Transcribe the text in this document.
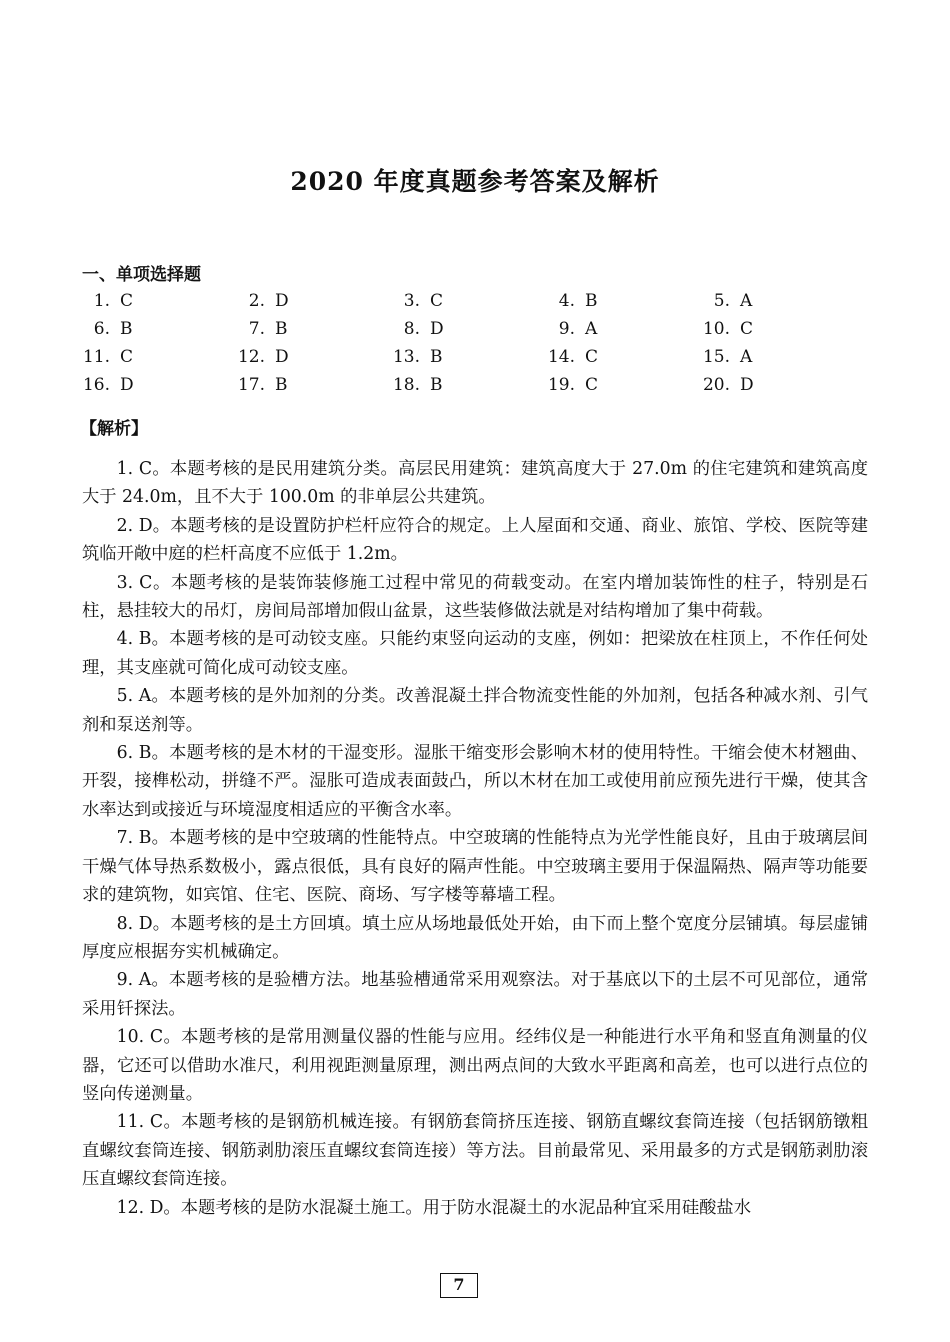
2020 年度真题参考答案及解析
一、单项选择题
1. C	2. D	3. C	4. B	5. A
6. B	7. B	8. D	9. A	10. C
11. C	12. D	13. B	14. C	15. A
16. D	17. B	18. B	19. C	20. D
【解析】

1. C。本题考核的是民用建筑分类。高层民用建筑：建筑高度大于 27.0m 的住宅建筑和建筑高度大于 24.0m，且不大于 100.0m 的非单层公共建筑。

2. D。本题考核的是设置防护栏杆应符合的规定。上人屋面和交通、商业、旅馆、学校、医院等建筑临开敞中庭的栏杆高度不应低于 1.2m。

3. C。本题考核的是装饰装修施工过程中常见的荷载变动。在室内增加装饰性的柱子，特别是石柱，悬挂较大的吊灯，房间局部增加假山盆景，这些装修做法就是对结构增加了集中荷载。

4. B。本题考核的是可动铰支座。只能约束竖向运动的支座，例如：把梁放在柱顶上，不作任何处理，其支座就可简化成可动铰支座。

5. A。本题考核的是外加剂的分类。改善混凝土拌合物流变性能的外加剂，包括各种减水剂、引气剂和泵送剂等。

6. B。本题考核的是木材的干湿变形。湿胀干缩变形会影响木材的使用特性。干缩会使木材翘曲、开裂，接榫松动，拼缝不严。湿胀可造成表面鼓凸，所以木材在加工或使用前应预先进行干燥，使其含水率达到或接近与环境湿度相适应的平衡含水率。

7. B。本题考核的是中空玻璃的性能特点。中空玻璃的性能特点为光学性能良好，且由于玻璃层间干燥气体导热系数极小，露点很低，具有良好的隔声性能。中空玻璃主要用于保温隔热、隔声等功能要求的建筑物，如宾馆、住宅、医院、商场、写字楼等幕墙工程。

8. D。本题考核的是土方回填。填土应从场地最低处开始，由下而上整个宽度分层铺填。每层虚铺厚度应根据夯实机械确定。

9. A。本题考核的是验槽方法。地基验槽通常采用观察法。对于基底以下的土层不可见部位，通常采用钎探法。

10. C。本题考核的是常用测量仪器的性能与应用。经纬仪是一种能进行水平角和竖直角测量的仪器，它还可以借助水准尺，利用视距测量原理，测出两点间的大致水平距离和高差，也可以进行点位的竖向传递测量。

11. C。本题考核的是钢筋机械连接。有钢筋套筒挤压连接、钢筋直螺纹套筒连接（包括钢筋镦粗直螺纹套筒连接、钢筋剥肋滚压直螺纹套筒连接）等方法。目前最常见、采用最多的方式是钢筋剥肋滚压直螺纹套筒连接。

12. D。本题考核的是防水混凝土施工。用于防水混凝土的水泥品种宜采用硅酸盐水

7
